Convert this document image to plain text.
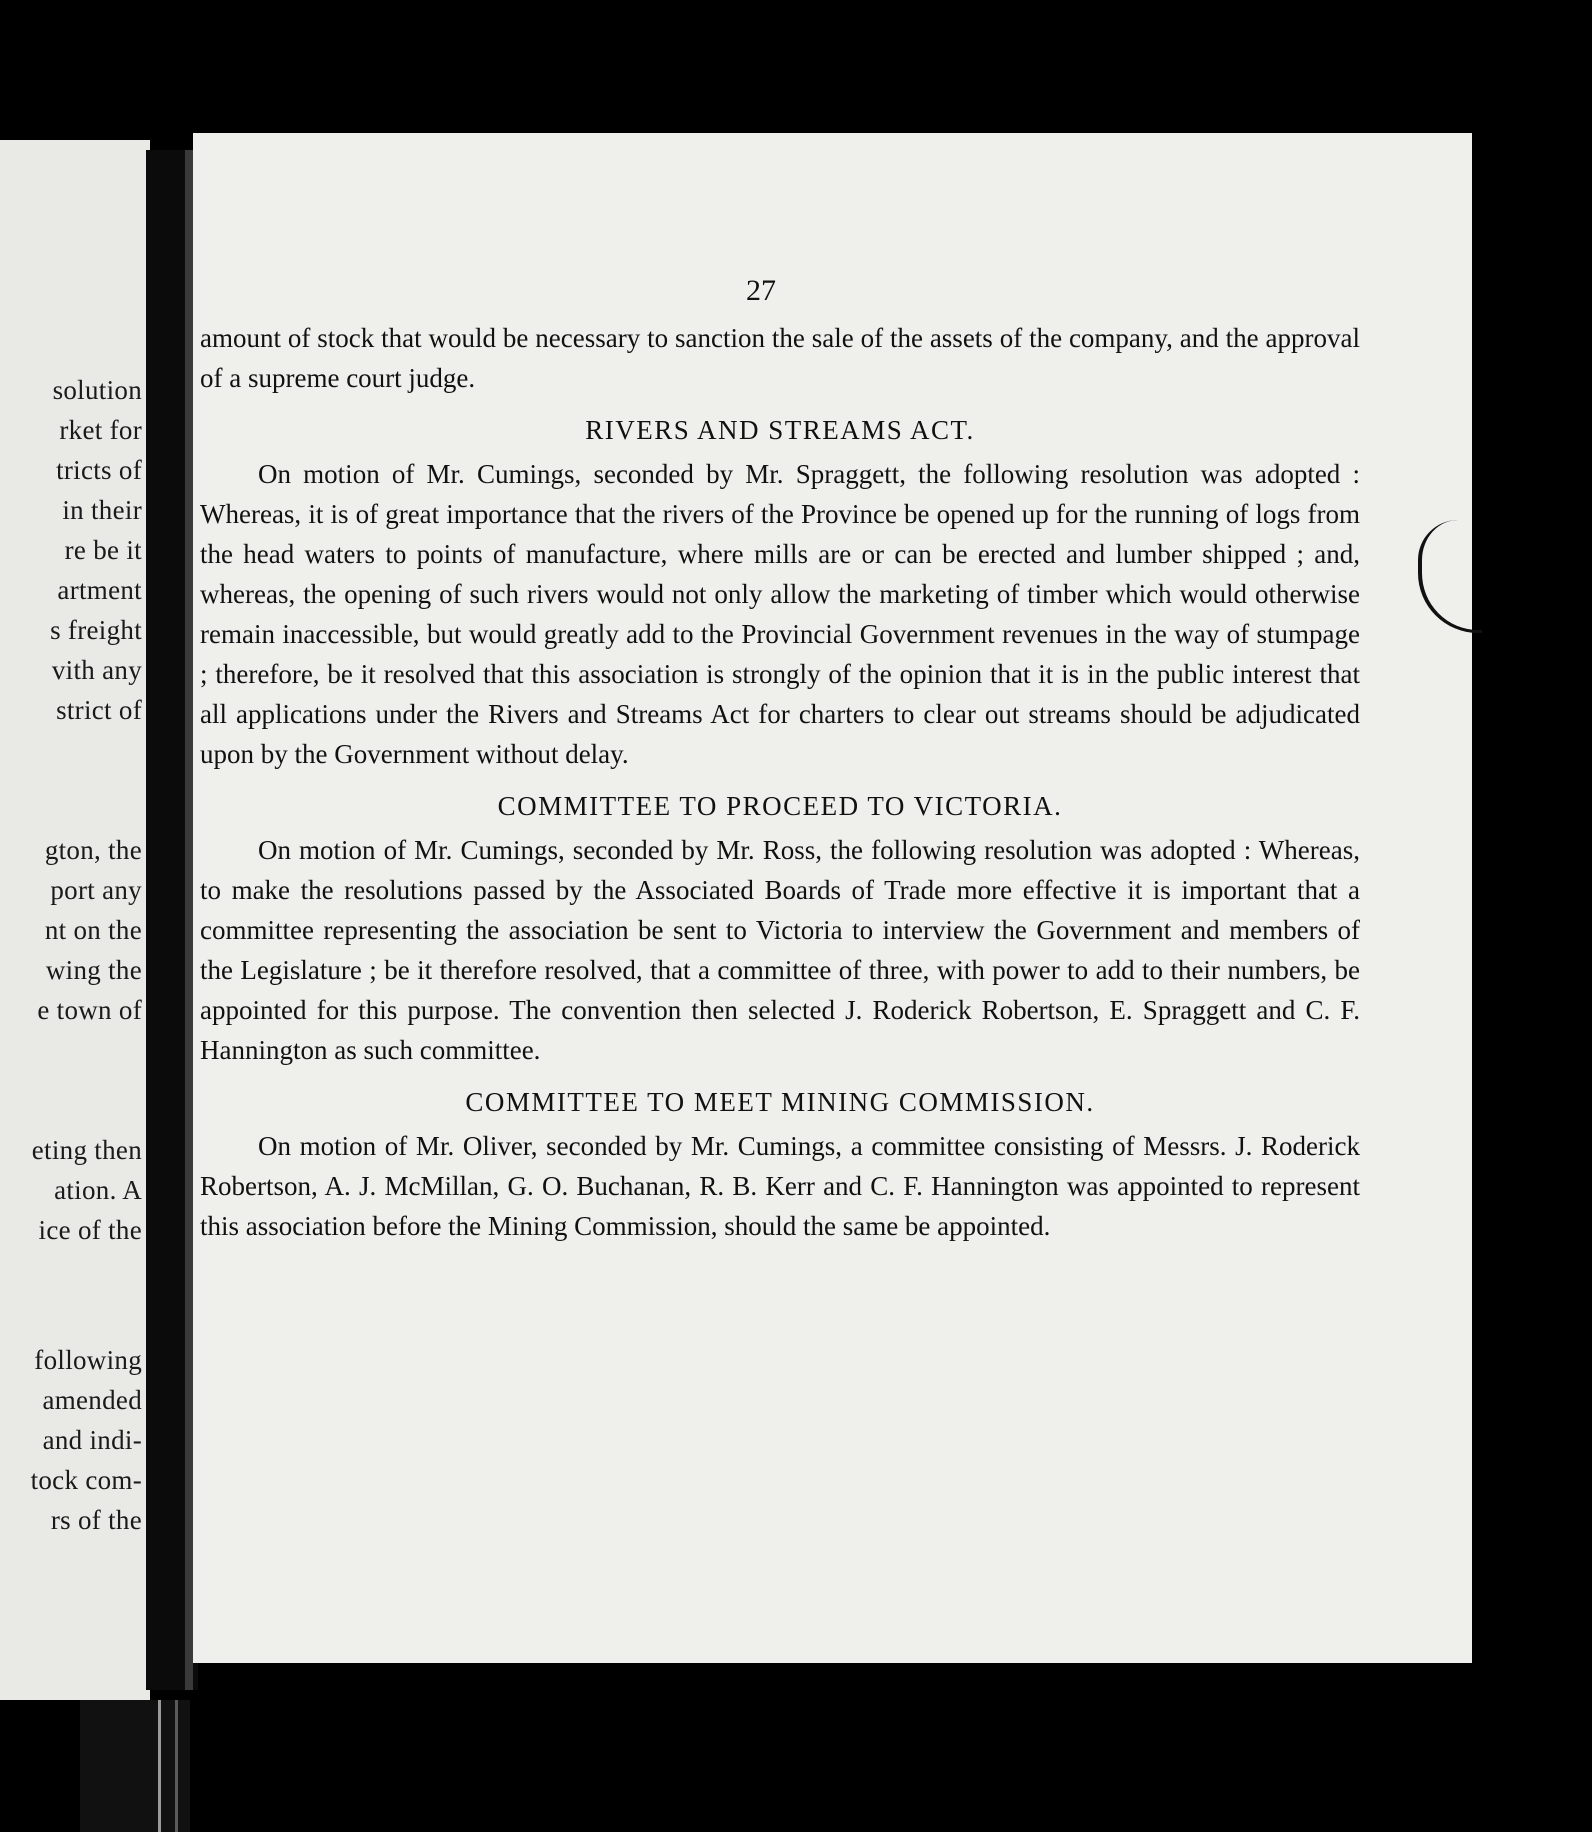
solution
rket for
tricts of
in their
re be it
artment
s freight
vith any
strict of
gton, the
port any
nt on the
wing the
e town of
eting then
ation. A
ice of the
following
amended
and indi-
tock com-
rs of the
27

amount of stock that would be necessary to sanction the sale of the assets of the company, and the approval of a supreme court judge.

RIVERS AND STREAMS ACT.

On motion of Mr. Cumings, seconded by Mr. Spraggett, the following resolution was adopted : Whereas, it is of great importance that the rivers of the Province be opened up for the running of logs from the head waters to points of manufacture, where mills are or can be erected and lumber shipped ; and, whereas, the opening of such rivers would not only allow the marketing of timber which would otherwise remain inaccessible, but would greatly add to the Provincial Government revenues in the way of stumpage ; therefore, be it resolved that this association is strongly of the opinion that it is in the public interest that all applications under the Rivers and Streams Act for charters to clear out streams should be adjudicated upon by the Government without delay.

COMMITTEE TO PROCEED TO VICTORIA.

On motion of Mr. Cumings, seconded by Mr. Ross, the following resolution was adopted : Whereas, to make the resolutions passed by the Associated Boards of Trade more effective it is important that a committee representing the association be sent to Victoria to interview the Government and members of the Legislature ; be it therefore resolved, that a committee of three, with power to add to their numbers, be appointed for this purpose. The convention then selected J. Roderick Robertson, E. Spraggett and C. F. Hannington as such committee.

COMMITTEE TO MEET MINING COMMISSION.

On motion of Mr. Oliver, seconded by Mr. Cumings, a committee consisting of Messrs. J. Roderick Robertson, A. J. McMillan, G. O. Buchanan, R. B. Kerr and C. F. Hannington was appointed to represent this association before the Mining Commission, should the same be appointed.
